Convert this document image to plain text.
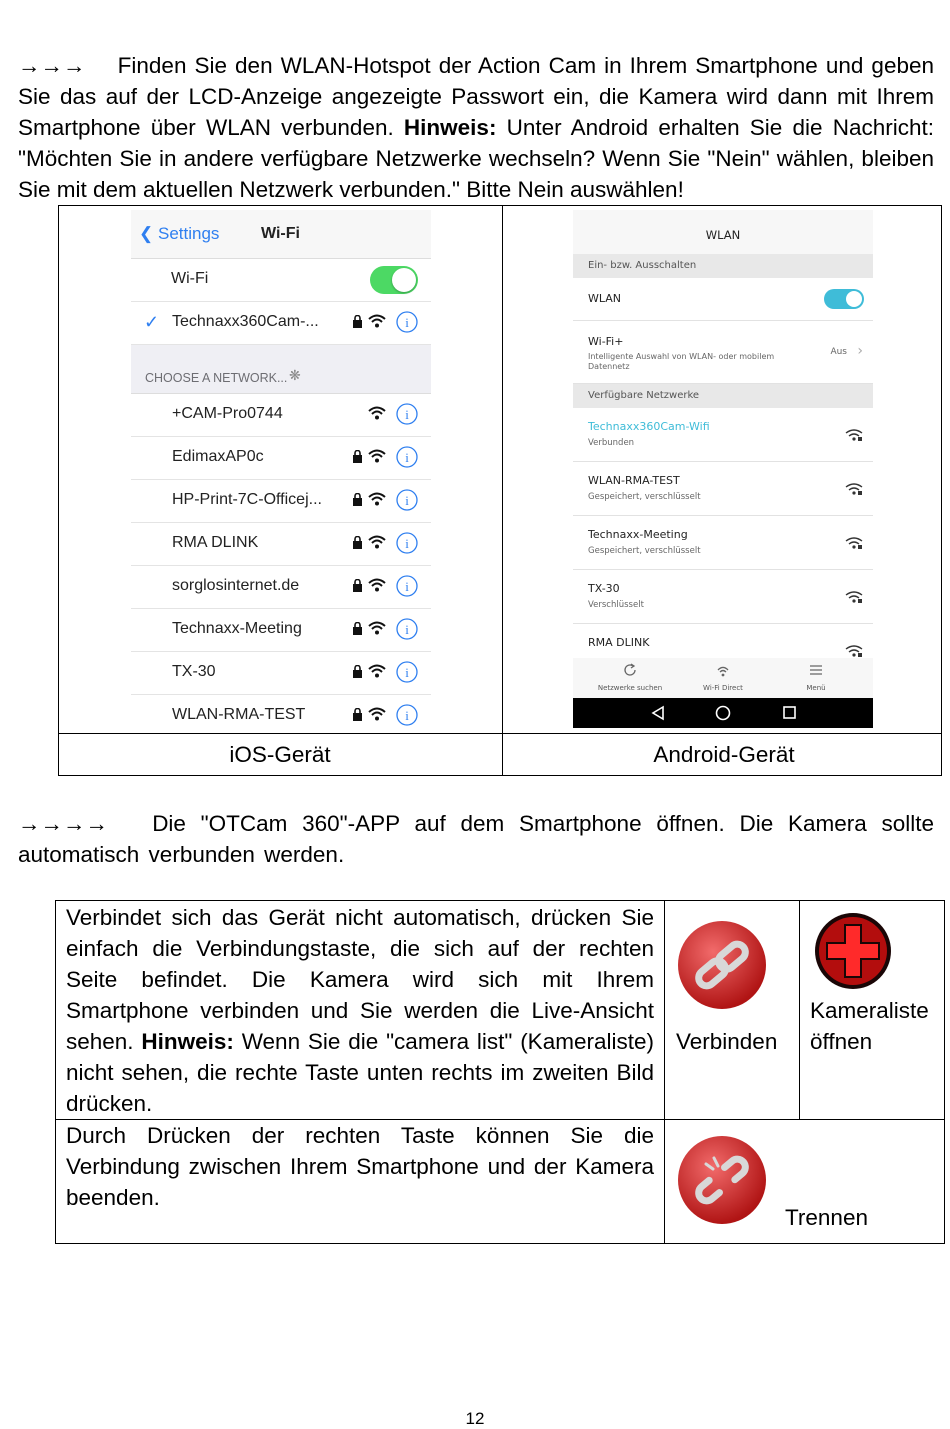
→→→ Finden Sie den WLAN-Hotspot der Action Cam in Ihrem Smartphone und geben Sie das auf der LCD-Anzeige angezeigte Passwort ein, die Kamera wird dann mit Ihrem Smartphone über WLAN verbunden. Hinweis: Unter Android erhalten Sie die Nachricht: "Möchten Sie in andere verfügbare Netzwerke wechseln? Wenn Sie "Nein" wählen, bleiben Sie mit dem aktuellen Netzwerk verbunden." Bitte Nein auswählen!
❮ Settings	Wi-Fi
Wi-Fi
✓ Technaxx360Cam-...	i
CHOOSE A NETWORK... ❋
+CAM-Pro0744	i
EdimaxAP0c	i
HP-Print-7C-Officej...	i
RMA DLINK	i
sorglosinternet.de	i
Technaxx-Meeting	i
TX-30	i
WLAN-RMA-TEST	i
WLAN
Ein- bzw. Ausschalten
WLAN
Wi-Fi+
Intelligente Auswahl von WLAN- oder mobilem Datennetz
Aus ›
Verfügbare Netzwerke
Technaxx360Cam-Wifi
Verbunden
WLAN-RMA-TEST
Gespeichert, verschlüsselt
Technaxx-Meeting
Gespeichert, verschlüsselt
TX-30
Verschlüsselt
RMA DLINK
Netzwerke suchen	Wi-Fi Direct	Menü
iOS-Gerät	Android-Gerät
→→→→ Die "OTCam 360"-APP auf dem Smartphone öffnen. Die Kamera sollte automatisch verbunden werden.
Verbindet sich das Gerät nicht automatisch, drücken Sie einfach die Verbindungstaste, die sich auf der rechten Seite befindet. Die Kamera wird sich mit Ihrem Smartphone verbinden und Sie werden die Live-Ansicht sehen. Hinweis: Wenn Sie die "camera list" (Kameraliste) nicht sehen, die rechte Taste unten rechts im zweiten Bild drücken.
Verbinden
Kameraliste öffnen
Durch Drücken der rechten Taste können Sie die Verbindung zwischen Ihrem Smartphone und der Kamera beenden.
Trennen
12
